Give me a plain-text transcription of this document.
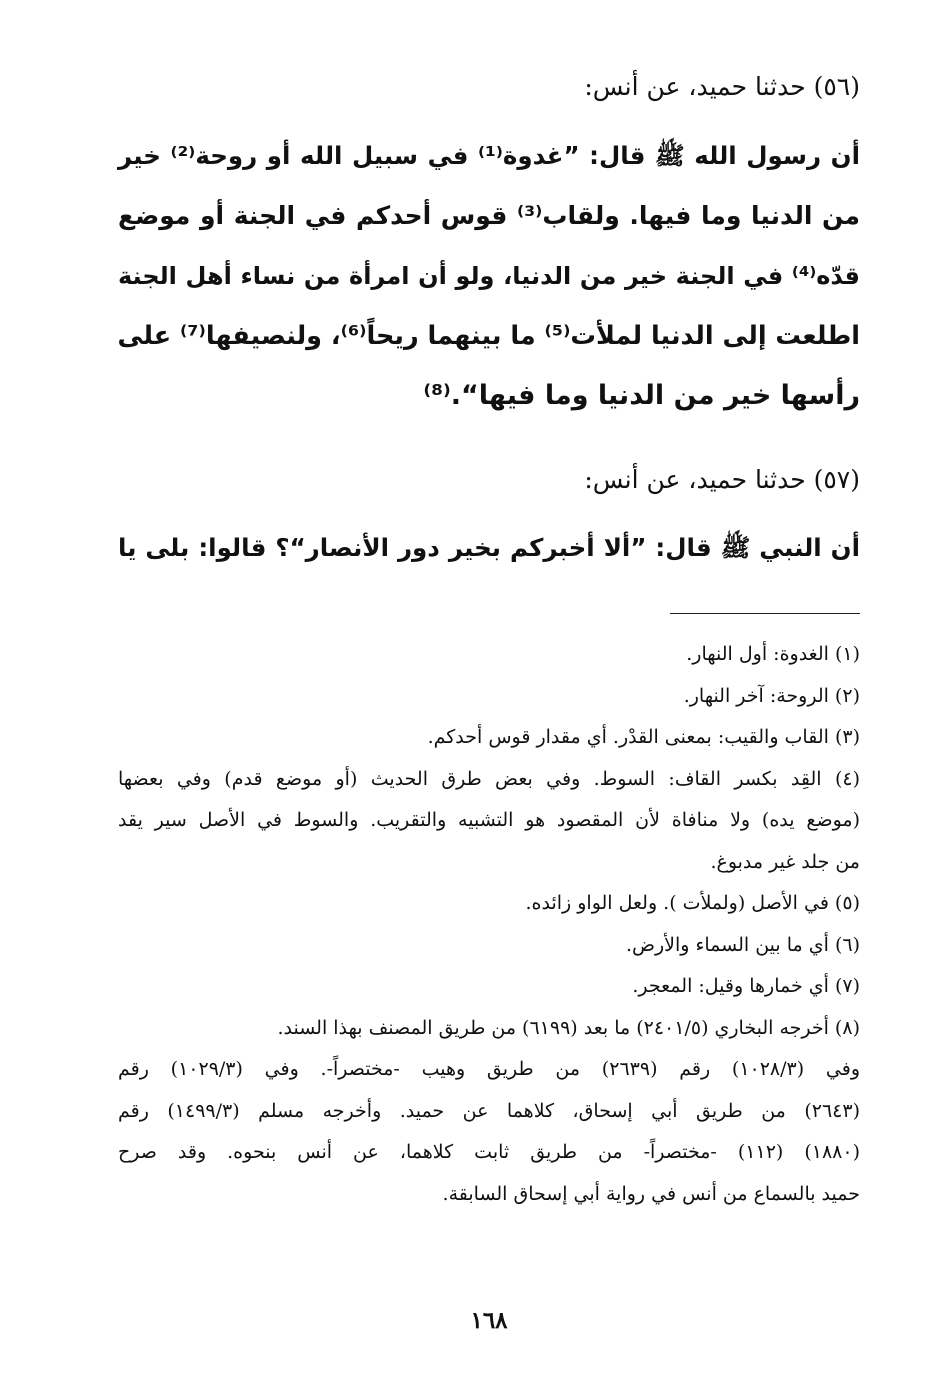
(٥٦) حدثنا حميد، عن أنس:
أن رسول الله ﷺ قال: ”غدوة⁽¹⁾ في سبيل الله أو روحة⁽²⁾ خير
من الدنيا وما فيها. ولقاب⁽³⁾ قوس أحدكم في الجنة أو موضع
قدّه⁽⁴⁾ في الجنة خير من الدنيا، ولو أن امرأة من نساء أهل الجنة
اطلعت إلى الدنيا لملأت⁽⁵⁾ ما بينهما ريحاً⁽⁶⁾، ولنصيفها⁽⁷⁾ على
رأسها خير من الدنيا وما فيها“.⁽⁸⁾
(٥٧) حدثنا حميد، عن أنس:
أن النبي ﷺ قال: ”ألا أخبركم بخير دور الأنصار“؟ قالوا: بلى يا
(١) الغدوة: أول النهار.
(٢) الروحة: آخر النهار.
(٣) القاب والقيب: بمعنى القدْر. أي مقدار قوس أحدكم.
(٤) القِد بكسر القاف: السوط. وفي بعض طرق الحديث (أو موضع قدم) وفي بعضها
(موضع يده) ولا منافاة لأن المقصود هو التشبيه والتقريب. والسوط في الأصل سير يقد
من جلد غير مدبوغ.
(٥) في الأصل (ولملأت ). ولعل الواو زائده.
(٦) أي ما بين السماء والأرض.
(٧) أي خمارها وقيل: المعجر.
(٨) أخرجه البخاري (٢٤٠١/٥) ما بعد (٦١٩٩) من طريق المصنف بهذا السند.
وفي (١٠٢٨/٣) رقم (٢٦٣٩) من طريق وهيب -مختصراً-. وفي (١٠٢٩/٣) رقم
(٢٦٤٣) من طريق أبي إسحاق، كلاهما عن حميد. وأخرجه مسلم (١٤٩٩/٣) رقم
(١٨٨٠) (١١٢) -مختصراً- من طريق ثابت كلاهما، عن أنس بنحوه. وقد صرح
حميد بالسماع من أنس في رواية أبي إسحاق السابقة.
١٦٨
